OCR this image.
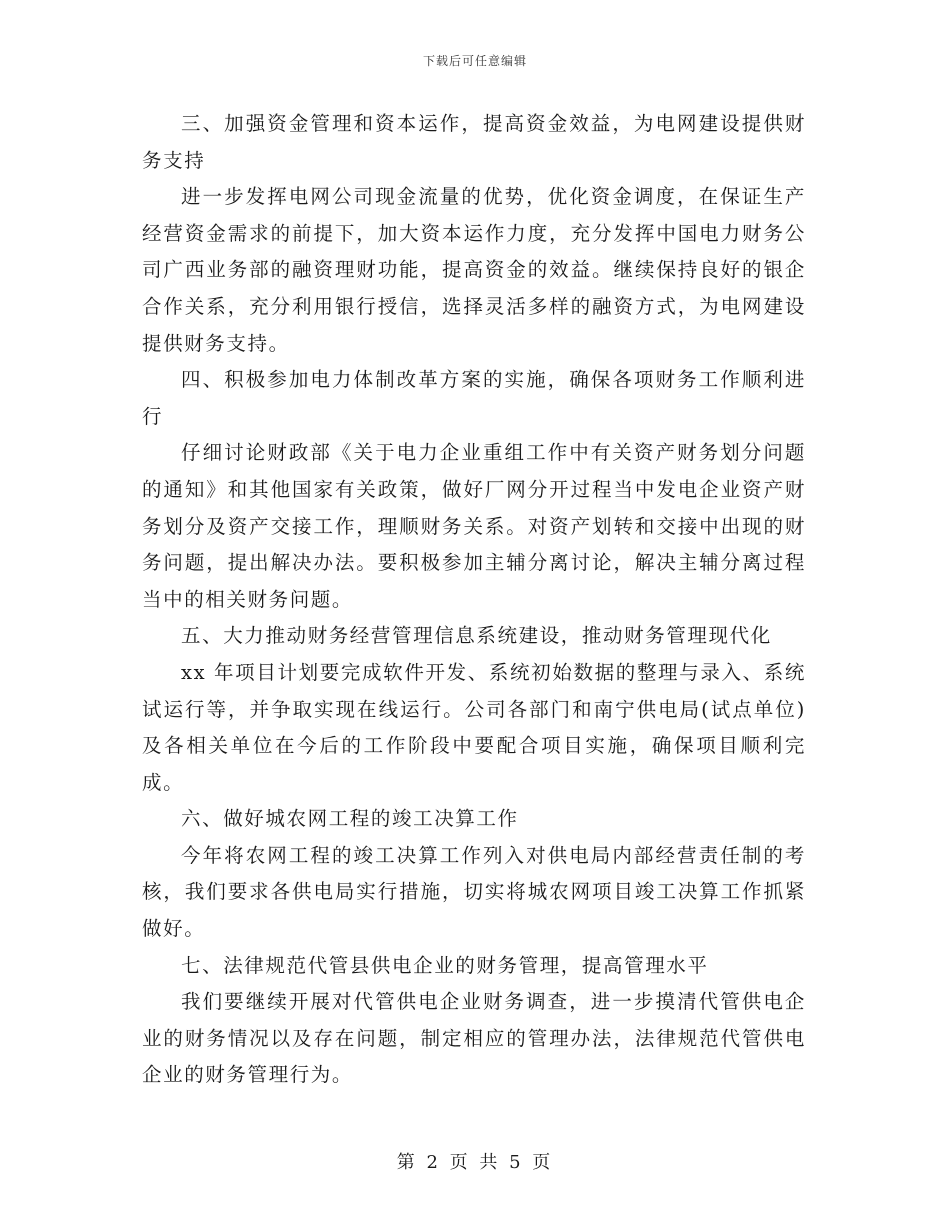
下载后可任意编辑

三、加强资金管理和资本运作，提高资金效益，为电网建设提供财务支持

进一步发挥电网公司现金流量的优势，优化资金调度，在保证生产经营资金需求的前提下，加大资本运作力度，充分发挥中国电力财务公司广西业务部的融资理财功能，提高资金的效益。继续保持良好的银企合作关系，充分利用银行授信，选择灵活多样的融资方式，为电网建设提供财务支持。

四、积极参加电力体制改革方案的实施，确保各项财务工作顺利进行

仔细讨论财政部《关于电力企业重组工作中有关资产财务划分问题的通知》和其他国家有关政策，做好厂网分开过程当中发电企业资产财务划分及资产交接工作，理顺财务关系。对资产划转和交接中出现的财务问题，提出解决办法。要积极参加主辅分离讨论，解决主辅分离过程当中的相关财务问题。

五、大力推动财务经营管理信息系统建设，推动财务管理现代化

xx 年项目计划要完成软件开发、系统初始数据的整理与录入、系统试运行等，并争取实现在线运行。公司各部门和南宁供电局(试点单位)及各相关单位在今后的工作阶段中要配合项目实施，确保项目顺利完成。

六、做好城农网工程的竣工决算工作

今年将农网工程的竣工决算工作列入对供电局内部经营责任制的考核，我们要求各供电局实行措施，切实将城农网项目竣工决算工作抓紧做好。

七、法律规范代管县供电企业的财务管理，提高管理水平

我们要继续开展对代管供电企业财务调查，进一步摸清代管供电企业的财务情况以及存在问题，制定相应的管理办法，法律规范代管供电企业的财务管理行为。

第 2 页 共 5 页
